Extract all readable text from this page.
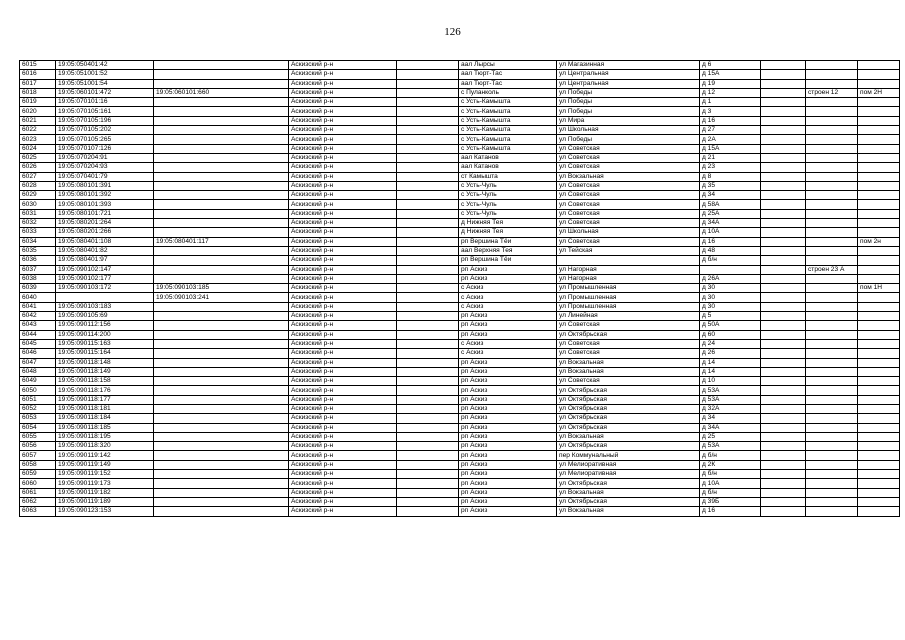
126
6015	19:05:050401:42		Аскизский р-н		аал Лырсы	ул Магазинная	д 6			
6016	19:05:051001:52		Аскизский р-н		аал Тюрт-Тас	ул Центральная	д 15А			
6017	19:05:051001:54		Аскизский р-н		аал Тюрт-Тас	ул Центральная	д 19			
6018	19:05:060101:472	19:05:060101:660	Аскизский р-н		с Пуланколь	ул Победы	д 12		строен 12	пом 2Н
6019	19:05:070101:16		Аскизский р-н		с Усть-Камышта	ул Победы	д 1			
6020	19:05:070105:161		Аскизский р-н		с Усть-Камышта	ул Победы	д 3			
6021	19:05:070105:196		Аскизский р-н		с Усть-Камышта	ул Мира	д 16			
6022	19:05:070105:202		Аскизский р-н		с Усть-Камышта	ул Школьная	д 27			
6023	19:05:070105:265		Аскизский р-н		с Усть-Камышта	ул Победы	д 2А			
6024	19:05:070107:126		Аскизский р-н		с Усть-Камышта	ул Советская	д 15А			
6025	19:05:070204:91		Аскизский р-н		аал Катанов	ул Советская	д 21			
6026	19:05:070204:93		Аскизский р-н		аал Катанов	ул Советская	д 23			
6027	19:05:070401:79		Аскизский р-н		ст Камышта	ул Вокзальная	д 8			
6028	19:05:080101:391		Аскизский р-н		с Усть-Чуль	ул Советская	д 35			
6029	19:05:080101:392		Аскизский р-н		с Усть-Чуль	ул Советская	д 34			
6030	19:05:080101:393		Аскизский р-н		с Усть-Чуль	ул Советская	д 58А			
6031	19:05:080101:721		Аскизский р-н		с Усть-Чуль	ул Советская	д 25А			
6032	19:05:080201:264		Аскизский р-н		д Нижняя Тея	ул Советская	д 34А			
6033	19:05:080201:266		Аскизский р-н		д Нижняя Тея	ул Школьная	д 10А			
6034	19:05:080401:108	19:05:080401:117	Аскизский р-н		рп Вершина Тёи	ул Советская	д 16			пом 2н
6035	19:05:080401:82		Аскизский р-н		аал Верхняя Тея	ул Тейская	д 48			
6036	19:05:080401:97		Аскизский р-н		рп Вершина Тёи		д б/н			
6037	19:05:090102:147		Аскизский р-н		рп Аскиз	ул Нагорная			строен 23 А	
6038	19:05:090102:177		Аскизский р-н		рп Аскиз	ул Нагорная	д 26А			
6039	19:05:090103:172	19:05:090103:185	Аскизский р-н		с Аскиз	ул Промышленная	д 30			пом 1Н
6040		19:05:090103:241	Аскизский р-н		с Аскиз	ул Промышленная	д 30			
6041	19:05:090103:183		Аскизский р-н		с Аскиз	ул Промышленная	д 30			
6042	19:05:090105:69		Аскизский р-н		рп Аскиз	ул Линейная	д 5			
6043	19:05:090112:156		Аскизский р-н		рп Аскиз	ул Советская	д 50А			
6044	19:05:090114:200		Аскизский р-н		рп Аскиз	ул Октябрьская	д 60			
6045	19:05:090115:163		Аскизский р-н		с Аскиз	ул Советская	д 24			
6046	19:05:090115:164		Аскизский р-н		с Аскиз	ул Советская	д 26			
6047	19:05:090118:148		Аскизский р-н		рп Аскиз	ул Вокзальная	д 14			
6048	19:05:090118:149		Аскизский р-н		рп Аскиз	ул Вокзальная	д 14			
6049	19:05:090118:158		Аскизский р-н		рп Аскиз	ул Советская	д 10			
6050	19:05:090118:176		Аскизский р-н		рп Аскиз	ул Октябрьская	д 53А			
6051	19:05:090118:177		Аскизский р-н		рп Аскиз	ул Октябрьская	д 53А			
6052	19:05:090118:181		Аскизский р-н		рп Аскиз	ул Октябрьская	д 32А			
6053	19:05:090118:184		Аскизский р-н		рп Аскиз	ул Октябрьская	д 34			
6054	19:05:090118:185		Аскизский р-н		рп Аскиз	ул Октябрьская	д 34А			
6055	19:05:090118:195		Аскизский р-н		рп Аскиз	ул Вокзальная	д 25			
6056	19:05:090118:320		Аскизский р-н		рп Аскиз	ул Октябрьская	д 53А			
6057	19:05:090119:142		Аскизский р-н		рп Аскиз	пер Коммунальный	д б/н			
6058	19:05:090119:149		Аскизский р-н		рп Аскиз	ул Мелиоративная	д 2К			
6059	19:05:090119:152		Аскизский р-н		рп Аскиз	ул Мелиоративная	д б/н			
6060	19:05:090119:173		Аскизский р-н		рп Аскиз	ул Октябрьская	д 10А			
6061	19:05:090119:182		Аскизский р-н		рп Аскиз	ул Вокзальная	д б/н			
6062	19:05:090119:189		Аскизский р-н		рп Аскиз	ул Октябрьская	д 39Б			
6063	19:05:090123:153		Аскизский р-н		рп Аскиз	ул Вокзальная	д 16			
